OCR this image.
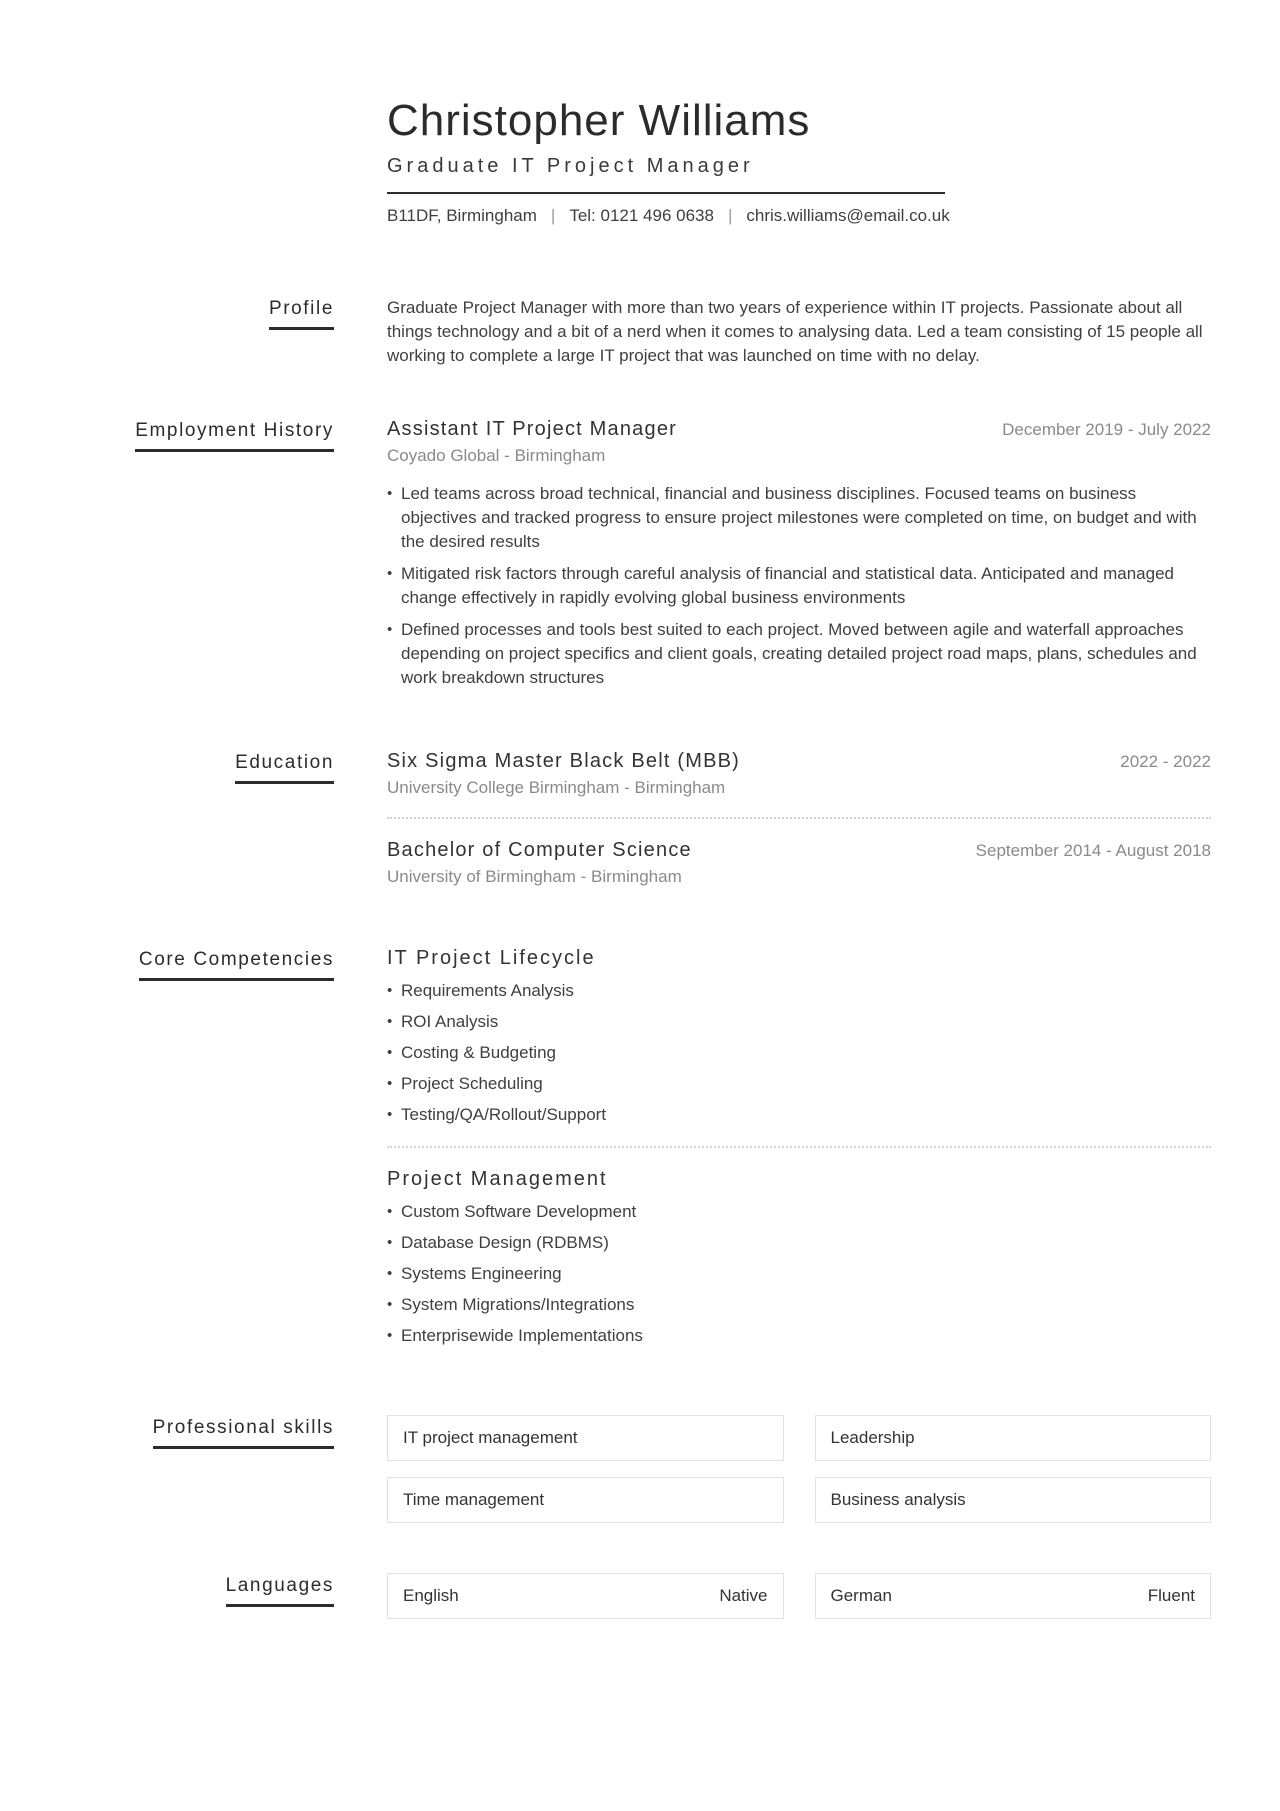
Christopher Williams
Graduate IT Project Manager
B11DF, Birmingham | Tel: 0121 496 0638 | chris.williams@email.co.uk
Profile	Graduate Project Manager with more than two years of experience within IT projects. Passionate about all things technology and a bit of a nerd when it comes to analysing data. Led a team consisting of 15 people all working to complete a large IT project that was launched on time with no delay.
Employment History	Assistant IT Project Manager	December 2019 - July 2022
Coyado Global - Birmingham
• Led teams across broad technical, financial and business disciplines. Focused teams on business objectives and tracked progress to ensure project milestones were completed on time, on budget and with the desired results
• Mitigated risk factors through careful analysis of financial and statistical data. Anticipated and managed change effectively in rapidly evolving global business environments
• Defined processes and tools best suited to each project. Moved between agile and waterfall approaches depending on project specifics and client goals, creating detailed project road maps, plans, schedules and work breakdown structures
Education	Six Sigma Master Black Belt (MBB)	2022 - 2022
University College Birmingham - Birmingham
Bachelor of Computer Science	September 2014 - August 2018
University of Birmingham - Birmingham
Core Competencies	IT Project Lifecycle
• Requirements Analysis
• ROI Analysis
• Costing & Budgeting
• Project Scheduling
• Testing/QA/Rollout/Support
Project Management
• Custom Software Development
• Database Design (RDBMS)
• Systems Engineering
• System Migrations/Integrations
• Enterprisewide Implementations
Professional skills	IT project management	Leadership
Time management	Business analysis
Languages	English	Native	German	Fluent
